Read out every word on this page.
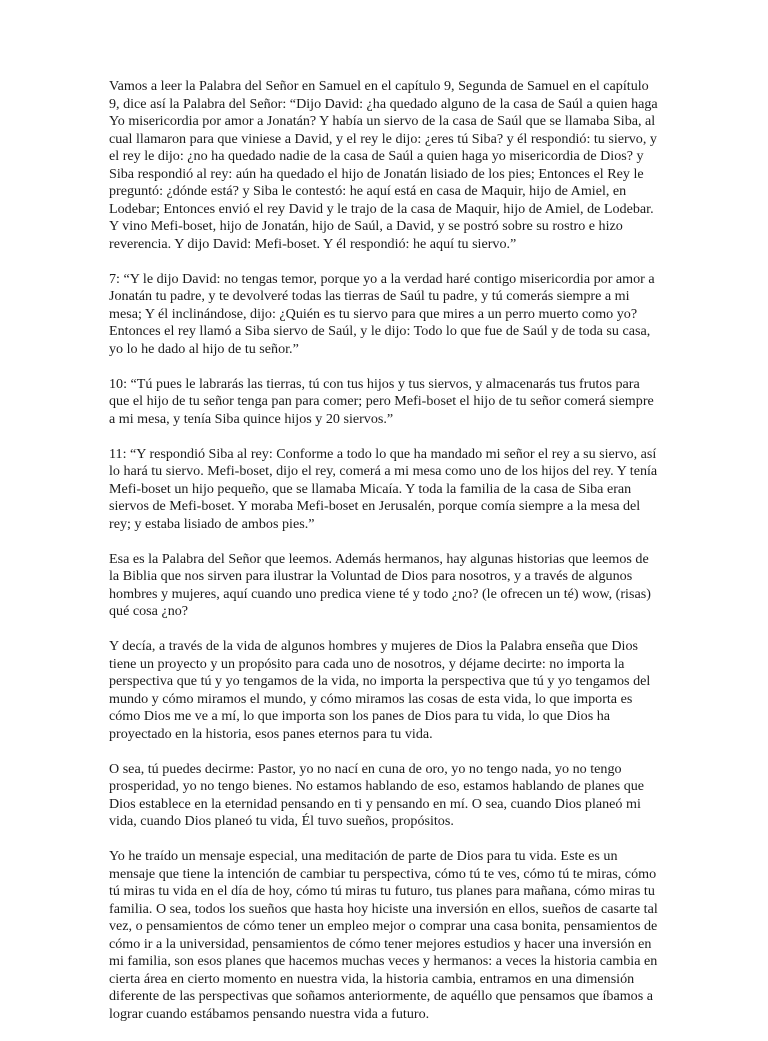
Vamos a leer la Palabra del Señor en Samuel en el capítulo 9, Segunda de Samuel en el capítulo 9, dice así la Palabra del Señor: “Dijo David: ¿ha quedado alguno de la casa de Saúl a quien haga Yo misericordia por amor a Jonatán? Y había un siervo de la casa de Saúl que se llamaba Siba, al cual llamaron para que viniese a David, y el rey le dijo: ¿eres tú Siba? y él respondió: tu siervo, y el rey le dijo: ¿no ha quedado nadie de la casa de Saúl a quien haga yo misericordia de Dios? y Siba respondió al rey: aún ha quedado el hijo de Jonatán lisiado de los pies; Entonces el Rey le preguntó: ¿dónde está? y Siba le contestó: he aquí está en casa de Maquir, hijo de Amiel, en Lodebar; Entonces envió el rey David y le trajo de la casa de Maquir, hijo de Amiel, de Lodebar. Y vino Mefi-boset, hijo de Jonatán, hijo de Saúl, a David, y se postró sobre su rostro e hizo reverencia. Y dijo David: Mefi-boset. Y él respondió: he aquí tu siervo.”

7: “Y le dijo David: no tengas temor, porque yo a la verdad haré contigo misericordia por amor a Jonatán tu padre, y te devolveré todas las tierras de Saúl tu padre, y tú comerás siempre a mi mesa; Y él inclinándose, dijo: ¿Quién es tu siervo para que mires a un perro muerto como yo? Entonces el rey llamó a Siba siervo de Saúl, y le dijo: Todo lo que fue de Saúl y de toda su casa, yo lo he dado al hijo de tu señor.”

10: “Tú pues le labrarás las tierras, tú con tus hijos y tus siervos, y almacenarás tus frutos para que el hijo de tu señor tenga pan para comer; pero Mefi-boset el hijo de tu señor comerá siempre a mi mesa, y tenía Siba quince hijos y 20 siervos.”

11: “Y respondió Siba al rey: Conforme a todo lo que ha mandado mi señor el rey a su siervo, así lo hará tu siervo. Mefi-boset, dijo el rey, comerá a mi mesa como uno de los hijos del rey. Y tenía Mefi-boset un hijo pequeño, que se llamaba Micaía. Y toda la familia de la casa de Siba eran siervos de Mefi-boset. Y moraba Mefi-boset en Jerusalén, porque comía siempre a la mesa del rey; y estaba lisiado de ambos pies.”

Esa es la Palabra del Señor que leemos. Además hermanos, hay algunas historias que leemos de la Biblia que nos sirven para ilustrar la Voluntad de Dios para nosotros, y a través de algunos hombres y mujeres, aquí cuando uno predica viene té y todo ¿no? (le ofrecen un té) wow, (risas) qué cosa ¿no?

Y decía, a través de la vida de algunos hombres y mujeres de Dios la Palabra enseña que Dios tiene un proyecto y un propósito para cada uno de nosotros, y déjame decirte: no importa la perspectiva que tú y yo tengamos de la vida, no importa la perspectiva que tú y yo tengamos del mundo y cómo miramos el mundo, y cómo miramos las cosas de esta vida, lo que importa es cómo Dios me ve a mí, lo que importa son los panes de Dios para tu vida, lo que Dios ha proyectado en la historia, esos panes eternos para tu vida.

O sea, tú puedes decirme: Pastor, yo no nací en cuna de oro, yo no tengo nada, yo no tengo prosperidad, yo no tengo bienes. No estamos hablando de eso, estamos hablando de planes que Dios establece en la eternidad pensando en ti y pensando en mí. O sea, cuando Dios planeó mi vida, cuando Dios planeó tu vida, Él tuvo sueños, propósitos.

Yo he traído un mensaje especial, una meditación de parte de Dios para tu vida. Este es un mensaje que tiene la intención de cambiar tu perspectiva, cómo tú te ves, cómo tú te miras, cómo tú miras tu vida en el día de hoy, cómo tú miras tu futuro, tus planes para mañana, cómo miras tu familia. O sea, todos los sueños que hasta hoy hiciste una inversión en ellos, sueños de casarte tal vez, o pensamientos de cómo tener un empleo mejor o comprar una casa bonita, pensamientos de cómo ir a la universidad, pensamientos de cómo tener mejores estudios y hacer una inversión en mi familia, son esos planes que hacemos muchas veces y hermanos: a veces la historia cambia en cierta área en cierto momento en nuestra vida, la historia cambia, entramos en una dimensión diferente de las perspectivas que soñamos anteriormente, de aquéllo que pensamos que íbamos a lograr cuando estábamos pensando nuestra vida a futuro.
